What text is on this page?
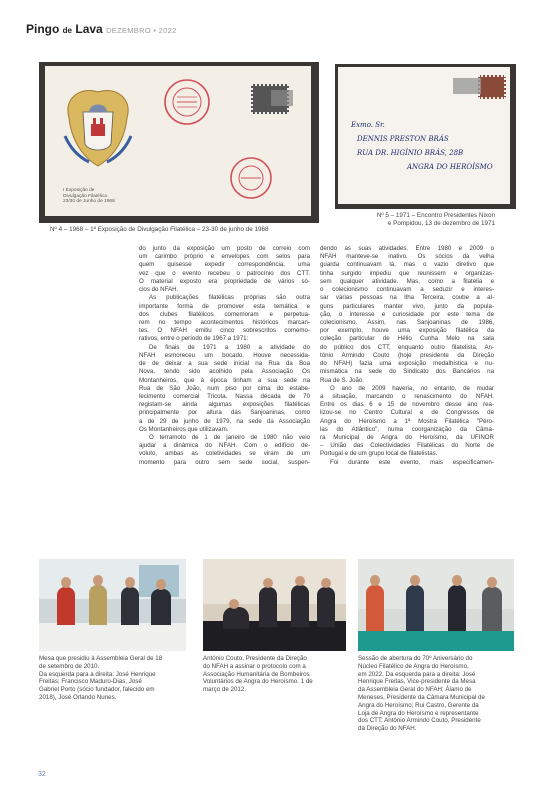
Pingo de Lava DEZEMBRO • 2022
I Exposição de
Divulgação Filatélica
23/30 de Junho de 1968
Nº 4 – 1968 – 1ª Exposição de Divulgação Filatélica – 23-30 de junho de 1968
Exmo. Sr.
DENNIS PRESTON BRÁS
RUA DR. HIGÍNIO BRÁS, 28B
ANGRA DO HEROÍSMO
Nº 5 – 1971 – Encontro Presidentes Nixon
e Pompidou, 13 de dezembro de 1971

do junto da exposição um posto de correio com
um carimbo próprio e envelopes com selos para
quem quisesse expedir correspondência, uma
vez que o evento recebeu o patrocínio dos CTT.
O material exposto era propriedade de vários só-
cios do NFAH.

As publicações filatélicas próprias são outra
importante forma de promover esta temática e
dos clubes filatélicos comemoram e perpetua-
rem no tempo acontecimentos históricos marcan-
tes. O NFAH emitiu cinco sobrescritos comemo-
rativos, entre o período de 1967 a 1971:

De finais de 1971 a 1980 a atividade do
NFAH esmoreceu um bocado. Houve necessida-
de de deixar a sua sede inicial na Rua da Boa
Nova, tendo sido acolhido pela Associação Os
Montanheiros, que à época tinham a sua sede na
Rua de São João, num piso por cima do estabe-
lecimento comercial Tricota. Nassa década de 70
registam-se ainda algumas exposições filatélicas
principalmente por altura das Sanjoaninas, como
a de 29 de junho de 1979, na sede da Associação
Os Montanheiros que utilizavam.

O terramoto de 1 de janeiro de 1980 não veio
ajudar a dinâmica do NFAH. Com o edifício de-
voluto, ambas as coletividades se viram de um
momento para outro sem sede social, suspen-

dendo as suas atividades. Entre 1980 e 2009 o
NFAH manteve-se inativo. Os sócios da velha
guarda continuavam lá, mas o vazio diretivo que
tinha surgido impediu que reunissem e organizas-
sem qualquer atividade. Mas, como a filatelia e
o colecionismo continuavam a seduzir e interes-
sar várias pessoas na Ilha Terceira, coube a al-
guns particulares manter vivo, junto da popula-
ção, o interesse e curiosidade por este tema de
colecionismo. Assim, nas Sanjoaninas de 1986,
por exemplo, houve uma exposição filatélica da
coleção particular de Hélio Cunha Melo na sala
do público dos CTT, enquanto outro filatelista, An-
tónio Armindo Couto (hoje presidente da Direção
do NFAH) fazia uma exposição medalhística e nu-
mismática na sede do Sindicato dos Bancários na
Rua de S. João.

O ano de 2009 haveria, no entanto, de mudar
a situação, marcando o renascimento do NFAH.
Entre os dias 6 e 15 de novembro desse ano rea-
lizou-se no Centro Cultural e de Congressos de
Angra do Heroísmo a 1ª Mostra Filatélica "Péro-
las do Atlântico", numa coorganização da Câma-
ra Municipal de Angra do Heroísmo, da UFINOR
– União das Colectividades Filatélicas do Norte de
Portugal e de um grupo local de filatelistas.

Foi durante este evento, mais especificamen-

Mesa que presidiu à Assembleia Geral de 18
de setembro de 2010.
Da esquerda para a direita: José Henrique
Freitas; Francisco Maduro-Dias, José
Gabriel Porto (sócio fundador, falecido em
2018), José Orlando Nunes.
António Couto, Presidente da Direção
do NFAH a assinar o protocolo com a
Associação Humanitária de Bombeiros
Voluntários de Angra do Heroísmo. 1 de
março de 2012.
Sessão de abertura do 70º Aniversário do
Núcleo Filatélico de Angra do Heroísmo,
em 2022. Da esquerda para a direita: José
Henrique Freitas, Vice-presidente da Mesa
da Assembleia Geral do NFAH; Álamo de
Meneses, Presidente da Câmara Municipal de
Angra do Heroísmo; Rui Castro, Gerente da
Loja de Angra do Heroísmo e representante
dos CTT; António Armindo Couto, Presidente
da Direção do NFAH.
32
